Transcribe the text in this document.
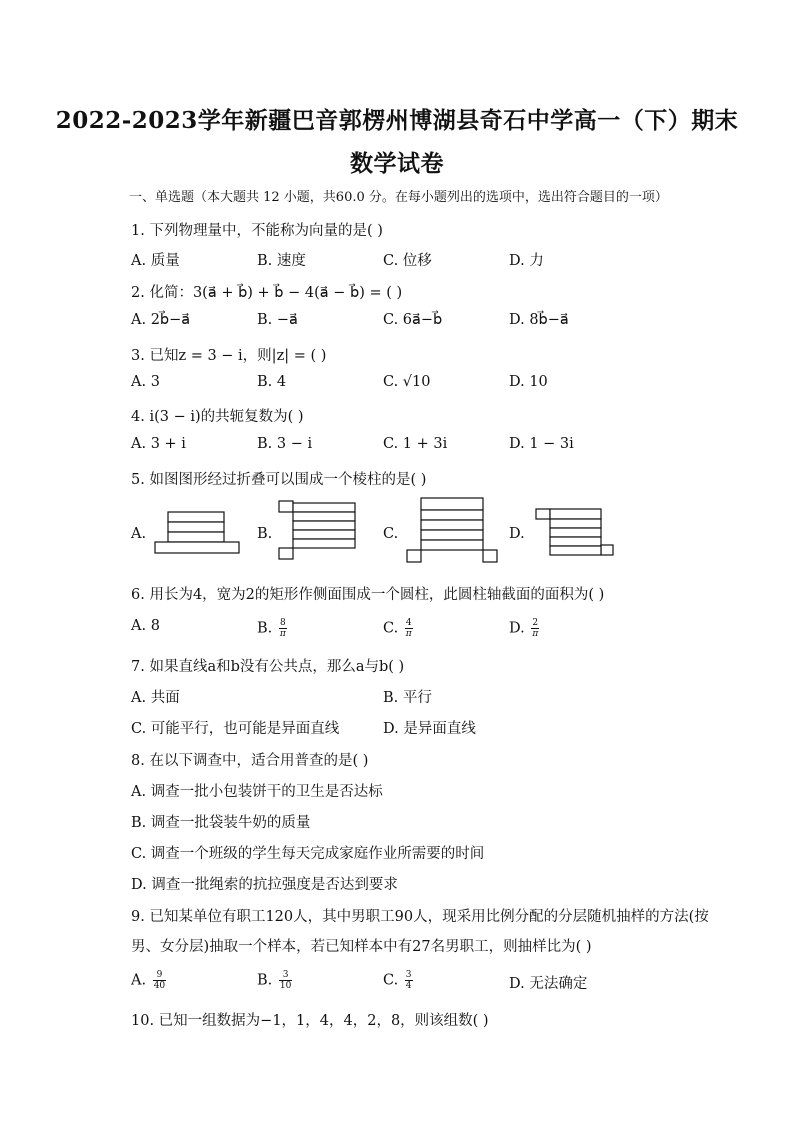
2022-2023学年新疆巴音郭楞州博湖县奇石中学高一（下）期末
数学试卷
一、单选题（本大题共 12 小题，共60.0 分。在每小题列出的选项中，选出符合题目的一项）
1. 下列物理量中，不能称为向量的是( )
A. 质量	B. 速度	C. 位移	D. 力
2. 化简：3(a⃗ + b⃗) + b⃗ − 4(a⃗ − b⃗) = ( )
A. 2b⃗−a⃗	B. −a⃗	C. 6a⃗−b⃗	D. 8b⃗−a⃗
3. 已知z = 3 − i，则|z| = ( )
A. 3	B. 4	C. √10	D. 10
4. i(3 − i)的共轭复数为( )
A. 3 + i	B. 3 − i	C. 1 + 3i	D. 1 − 3i
5. 如图图形经过折叠可以围成一个棱柱的是( )
A.	B.	C.	D.
6. 用长为4，宽为2的矩形作侧面围成一个圆柱，此圆柱轴截面的面积为( )
A. 8	B. $\frac{8}{\pi}$	C. $\frac{4}{\pi}$	D. $\frac{2}{\pi}$
7. 如果直线a和b没有公共点，那么a与b( )
A. 共面	B. 平行
C. 可能平行，也可能是异面直线	D. 是异面直线
8. 在以下调查中，适合用普查的是( )
A. 调查一批小包装饼干的卫生是否达标
B. 调查一批袋装牛奶的质量
C. 调查一个班级的学生每天完成家庭作业所需要的时间
D. 调查一批绳索的抗拉强度是否达到要求
9. 已知某单位有职工120人，其中男职工90人，现采用比例分配的分层随机抽样的方法(按
男、女分层)抽取一个样本，若已知样本中有27名男职工，则抽样比为( )
A. $\frac{9}{40}$	B. $\frac{3}{10}$	C. $\frac{3}{4}$	D. 无法确定
10. 已知一组数据为−1，1，4，4，2，8，则该组数( )
